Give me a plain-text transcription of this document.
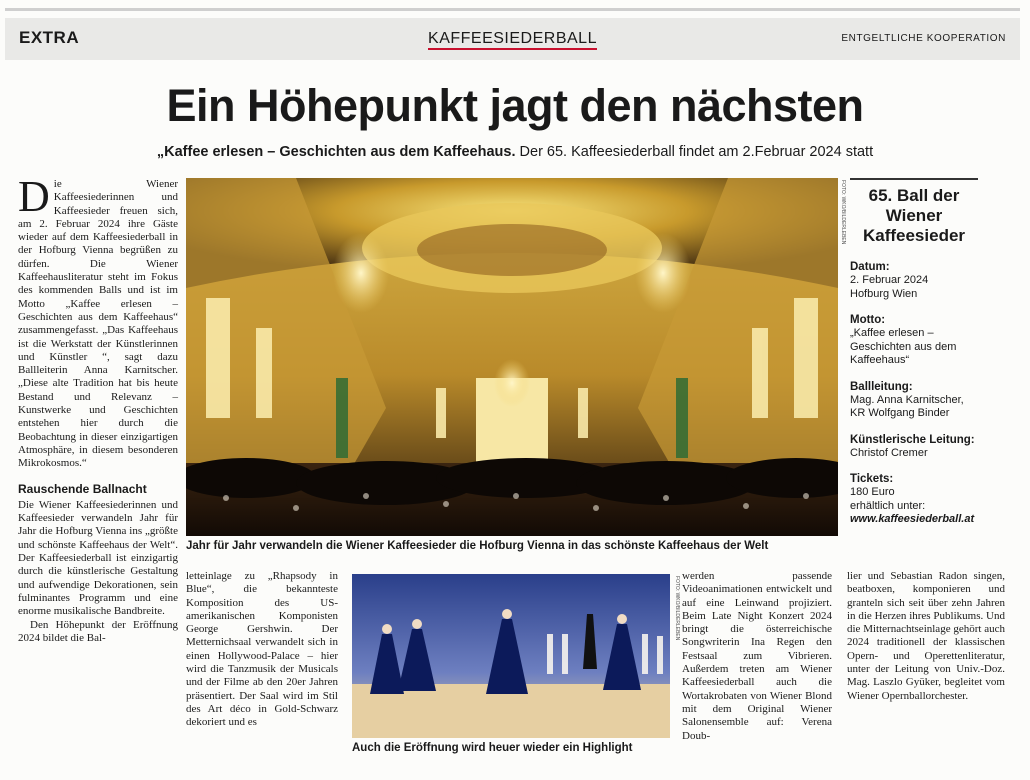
EXTRA	KAFFEESIEDERBALL	ENTGELTLICHE KOOPERATION
Ein Höhepunkt jagt den nächsten
„Kaffee erlesen – Geschichten aus dem Kaffeehaus. Der 65. Kaffeesiederball findet am 2.Februar 2024 statt

Die Wiener Kaffeesiederinnen und Kaffeesieder freuen sich, am 2. Februar 2024 ihre Gäste wieder auf dem Kaffeesiederball in der Hofburg Vienna begrüßen zu dürfen. Die Wiener Kaffeehausliteratur steht im Fokus des kommenden Balls und ist im Motto „Kaffee erlesen – Geschichten aus dem Kaffeehaus“ zusammengefasst. „Das Kaffeehaus ist die Werkstatt der Künstlerinnen und Künstler “, sagt dazu Ballleiterin Anna Karnitscher. „Diese alte Tradition hat bis heute Bestand und Relevanz – Kunstwerke und Geschichten entstehen hier durch die Beobachtung in dieser einzigartigen Atmosphäre, in diesem besonderen Mikrokosmos.“

Rauschende Ballnacht

Die Wiener Kaffeesiederinnen und Kaffeesieder verwandeln Jahr für Jahr die Hofburg Vienna ins „größte und schönste Kaffeehaus der Welt“. Der Kaffeesiederball ist einzigartig durch die künstlerische Gestaltung und aufwendige Dekorationen, sein fulminantes Programm und eine enorme musikalische Bandbreite.

Den Höhepunkt der Eröffnung 2024 bildet die Bal-

FOTO: WKO/BILDERLEBEN
Jahr für Jahr verwandeln die Wiener Kaffeesieder die Hofburg Vienna in das schönste Kaffeehaus der Welt
letteinlage zu „Rhapsody in Blue“, die bekannteste Komposition des US-amerikanischen Komponisten George Gershwin. Der Metternichsaal verwandelt sich in einen Hollywood-Palace – hier wird die Tanzmusik der Musicals und der Filme ab den 20er Jahren präsentiert. Der Saal wird im Stil des Art déco in Gold-Schwarz dekoriert und es
FOTO: WKO/BILDERLEBEN
Auch die Eröffnung wird heuer wieder ein Highlight
werden passende Videoanimationen entwickelt und auf eine Leinwand projiziert. Beim Late Night Konzert 2024 bringt die österreichische Songwriterin Ina Regen den Festsaal zum Vibrieren. Außerdem treten am Wiener Kaffeesiederball auch die Wortakrobaten von Wiener Blond mit dem Original Wiener Salonensemble auf: Verena Doub-
lier und Sebastian Radon singen, beatboxen, komponieren und granteln sich seit über zehn Jahren in die Herzen ihres Publikums. Und die Mitternachtseinlage gehört auch 2024 traditionell der klassischen Opern- und Operettenliteratur, unter der Leitung von Univ.-Doz. Mag. Laszlo Gyüker, begleitet vom Wiener Opernballorchester.
65. Ball der Wiener Kaffeesieder
Datum:
2. Februar 2024
Hofburg Wien
Motto:
„Kaffee erlesen –
Geschichten aus dem
Kaffeehaus“
Ballleitung:
Mag. Anna Karnitscher,
KR Wolfgang Binder
Künstlerische Leitung:
Christof Cremer
Tickets:
180 Euro
erhältlich unter:
www.kaffeesiederball.at
